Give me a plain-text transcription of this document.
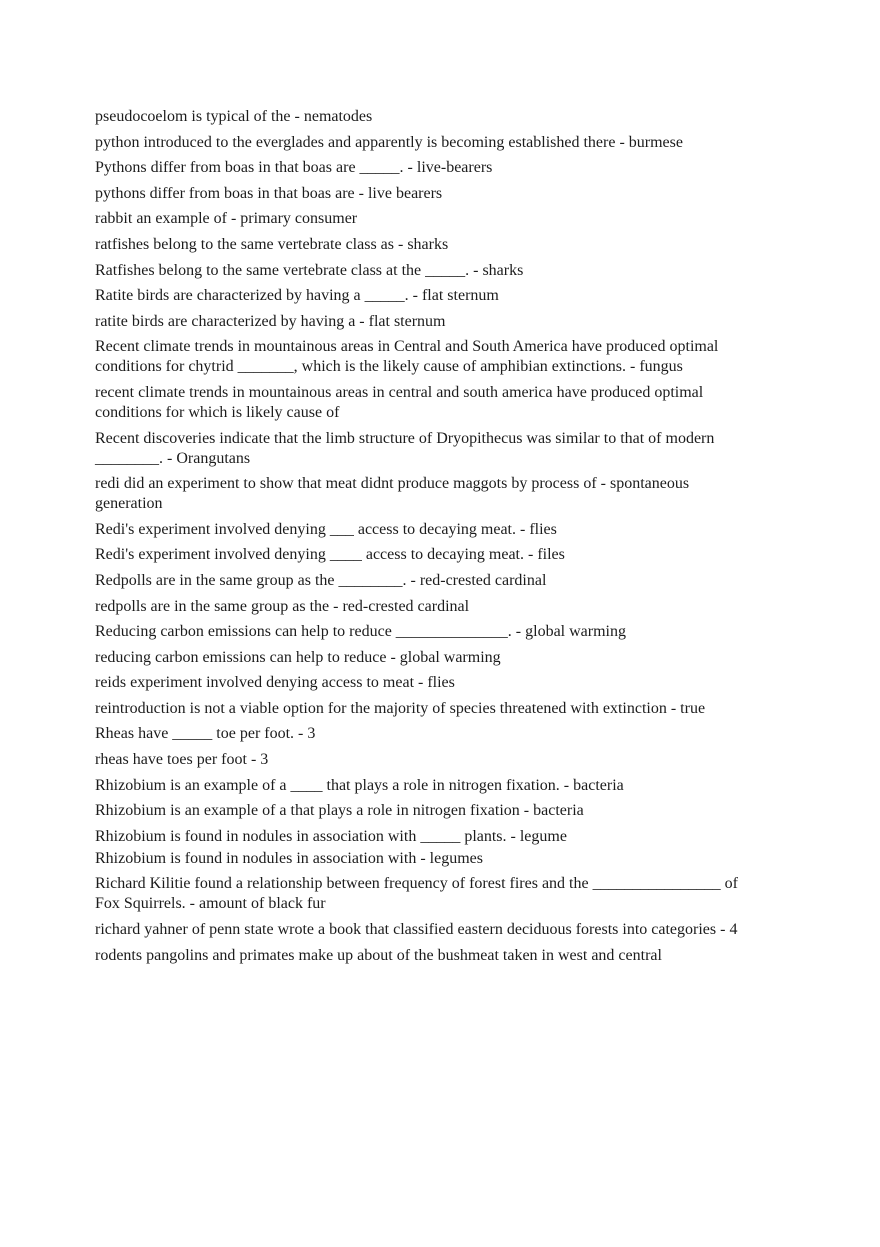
pseudocoelom is typical of the - nematodes
python introduced to the everglades and apparently is becoming established there - burmese
Pythons differ from boas in that boas are _____. - live-bearers
pythons differ from boas in that boas are - live bearers
rabbit an example of - primary consumer
ratfishes belong to the same vertebrate class as - sharks
Ratfishes belong to the same vertebrate class at the _____. - sharks
Ratite birds are characterized by having a _____. - flat sternum
ratite birds are characterized by having a - flat sternum
Recent climate trends in mountainous areas in Central and South America have produced optimal conditions for chytrid _______, which is the likely cause of amphibian extinctions. - fungus
recent climate trends in mountainous areas in central and south america have produced optimal conditions for which is likely cause of
Recent discoveries indicate that the limb structure of Dryopithecus was similar to that of modern ________. - Orangutans
redi did an experiment to show that meat didnt produce maggots by process of - spontaneous generation
Redi's experiment involved denying ___ access to decaying meat. - flies
Redi's experiment involved denying ____ access to decaying meat. - files
Redpolls are in the same group as the ________. - red-crested cardinal
redpolls are in the same group as the - red-crested cardinal
Reducing carbon emissions can help to reduce ______________. - global warming
reducing carbon emissions can help to reduce - global warming
reids experiment involved denying access to meat - flies
reintroduction is not a viable option for the majority of species threatened with extinction - true
Rheas have _____ toe per foot. - 3
rheas have toes per foot - 3
Rhizobium is an example of a ____ that plays a role in nitrogen fixation. - bacteria
Rhizobium is an example of a that plays a role in nitrogen fixation - bacteria
Rhizobium is found in nodules in association with _____ plants. - legume
Rhizobium is found in nodules in association with - legumes
Richard Kilitie found a relationship between frequency of forest fires and the ________________ of Fox Squirrels. - amount of black fur
richard yahner of penn state wrote a book that classified eastern deciduous forests into categories - 4
rodents pangolins and primates make up about of the bushmeat taken in west and central
